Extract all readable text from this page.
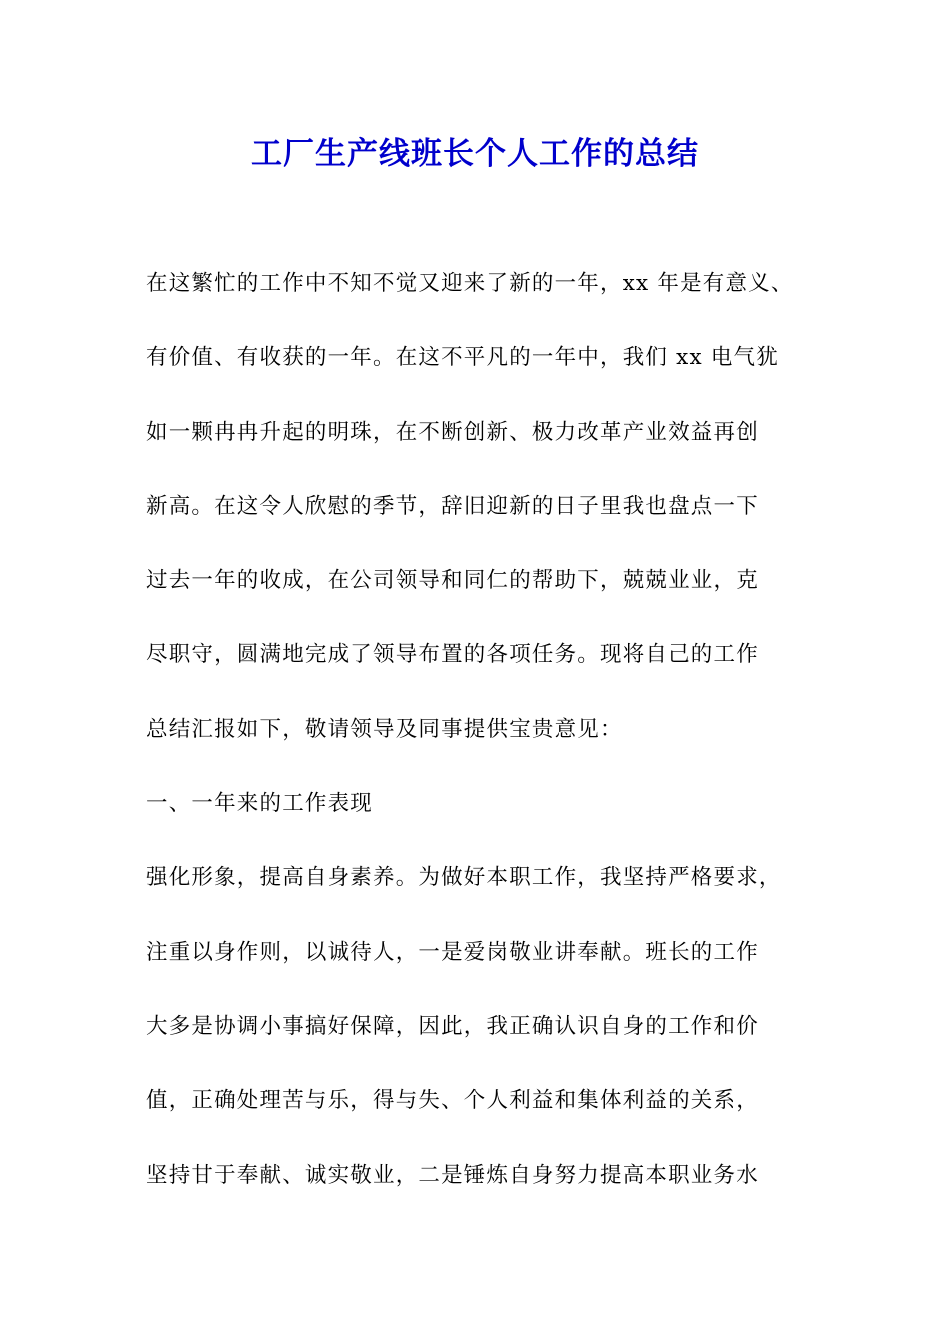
工厂生产线班长个人工作的总结
在这繁忙的工作中不知不觉又迎来了新的一年，xx 年是有意义、
有价值、有收获的一年。在这不平凡的一年中，我们 xx 电气犹
如一颗冉冉升起的明珠，在不断创新、极力改革产业效益再创
新高。在这令人欣慰的季节，辞旧迎新的日子里我也盘点一下
过去一年的收成，在公司领导和同仁的帮助下，兢兢业业，克
尽职守，圆满地完成了领导布置的各项任务。现将自己的工作
总结汇报如下，敬请领导及同事提供宝贵意见：
一、一年来的工作表现
强化形象，提高自身素养。为做好本职工作，我坚持严格要求，
注重以身作则，以诚待人，一是爱岗敬业讲奉献。班长的工作
大多是协调小事搞好保障，因此，我正确认识自身的工作和价
值，正确处理苦与乐，得与失、个人利益和集体利益的关系，
坚持甘于奉献、诚实敬业，二是锤炼自身努力提高本职业务水
